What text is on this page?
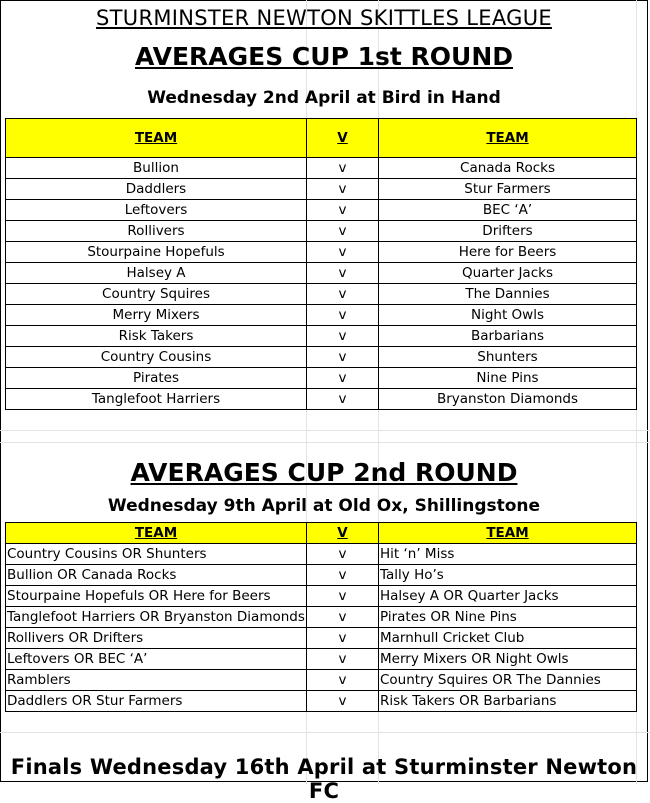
STURMINSTER NEWTON SKITTLES LEAGUE
AVERAGES CUP 1st ROUND
Wednesday 2nd April at Bird in Hand
TEAM	V	TEAM
Bullion	v	Canada Rocks
Daddlers	v	Stur Farmers
Leftovers	v	BEC ‘A’
Rollivers	v	Drifters
Stourpaine Hopefuls	v	Here for Beers
Halsey A	v	Quarter Jacks
Country Squires	v	The Dannies
Merry Mixers	v	Night Owls
Risk Takers	v	Barbarians
Country Cousins	v	Shunters
Pirates	v	Nine Pins
Tanglefoot Harriers	v	Bryanston Diamonds
AVERAGES CUP 2nd ROUND
Wednesday 9th April at Old Ox, Shillingstone
TEAM	V	TEAM
Country Cousins OR Shunters	v	Hit ‘n’ Miss
Bullion OR Canada Rocks	v	Tally Ho’s
Stourpaine Hopefuls OR Here for Beers	v	Halsey A OR Quarter Jacks
Tanglefoot Harriers OR Bryanston Diamonds	v	Pirates OR Nine Pins
Rollivers OR Drifters	v	Marnhull Cricket Club
Leftovers OR BEC ‘A’	v	Merry Mixers OR Night Owls
Ramblers	v	Country Squires OR The Dannies
Daddlers OR Stur Farmers	v	Risk Takers OR Barbarians

Finals Wednesday 16th April at Sturminster Newton FC
